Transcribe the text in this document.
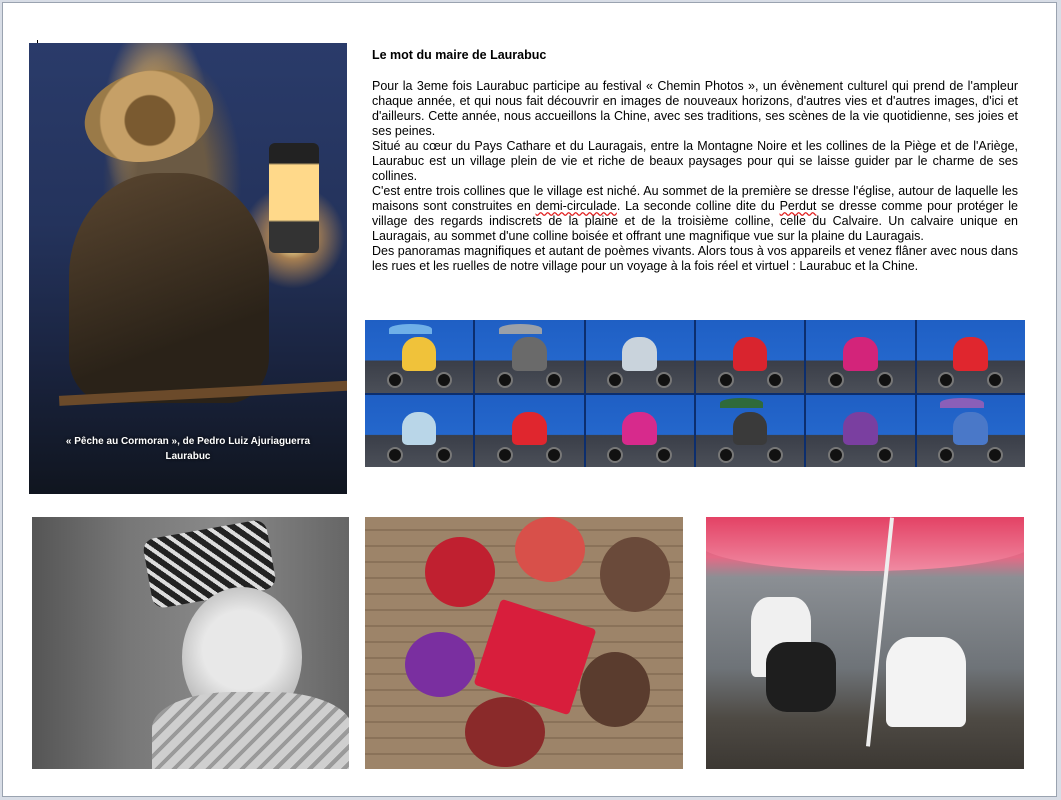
« Pêche au Cormoran », de Pedro Luiz Ajuriaguerra
Laurabuc
Le mot du maire de Laurabuc

Pour la 3eme fois Laurabuc participe au festival « Chemin Photos », un évènement culturel qui prend de l'ampleur chaque année, et qui nous fait découvrir en images de nouveaux horizons, d'autres vies et d'autres images, d'ici et d'ailleurs. Cette année, nous accueillons la Chine, avec ses traditions, ses scènes de la vie quotidienne, ses joies et ses peines.

Situé au cœur du Pays Cathare et du Lauragais, entre la Montagne Noire et les collines de la Piège et de l'Ariège, Laurabuc est un village plein de vie et riche de beaux paysages pour qui se laisse guider par le charme de ses collines.

C'est entre trois collines que le village est niché. Au sommet de la première se dresse l'église, autour de laquelle les maisons sont construites en demi-circulade. La seconde colline dite du Perdut se dresse comme pour protéger le village des regards indiscrets de la plaine et de la troisième colline, celle du Calvaire. Un calvaire unique en Lauragais, au sommet d'une colline boisée et offrant une magnifique vue sur la plaine du Lauragais.

Des panoramas magnifiques et autant de poèmes vivants. Alors tous à vos appareils et venez flâner avec nous dans les rues et les ruelles de notre village pour un voyage à la fois réel et virtuel : Laurabuc et la Chine.
